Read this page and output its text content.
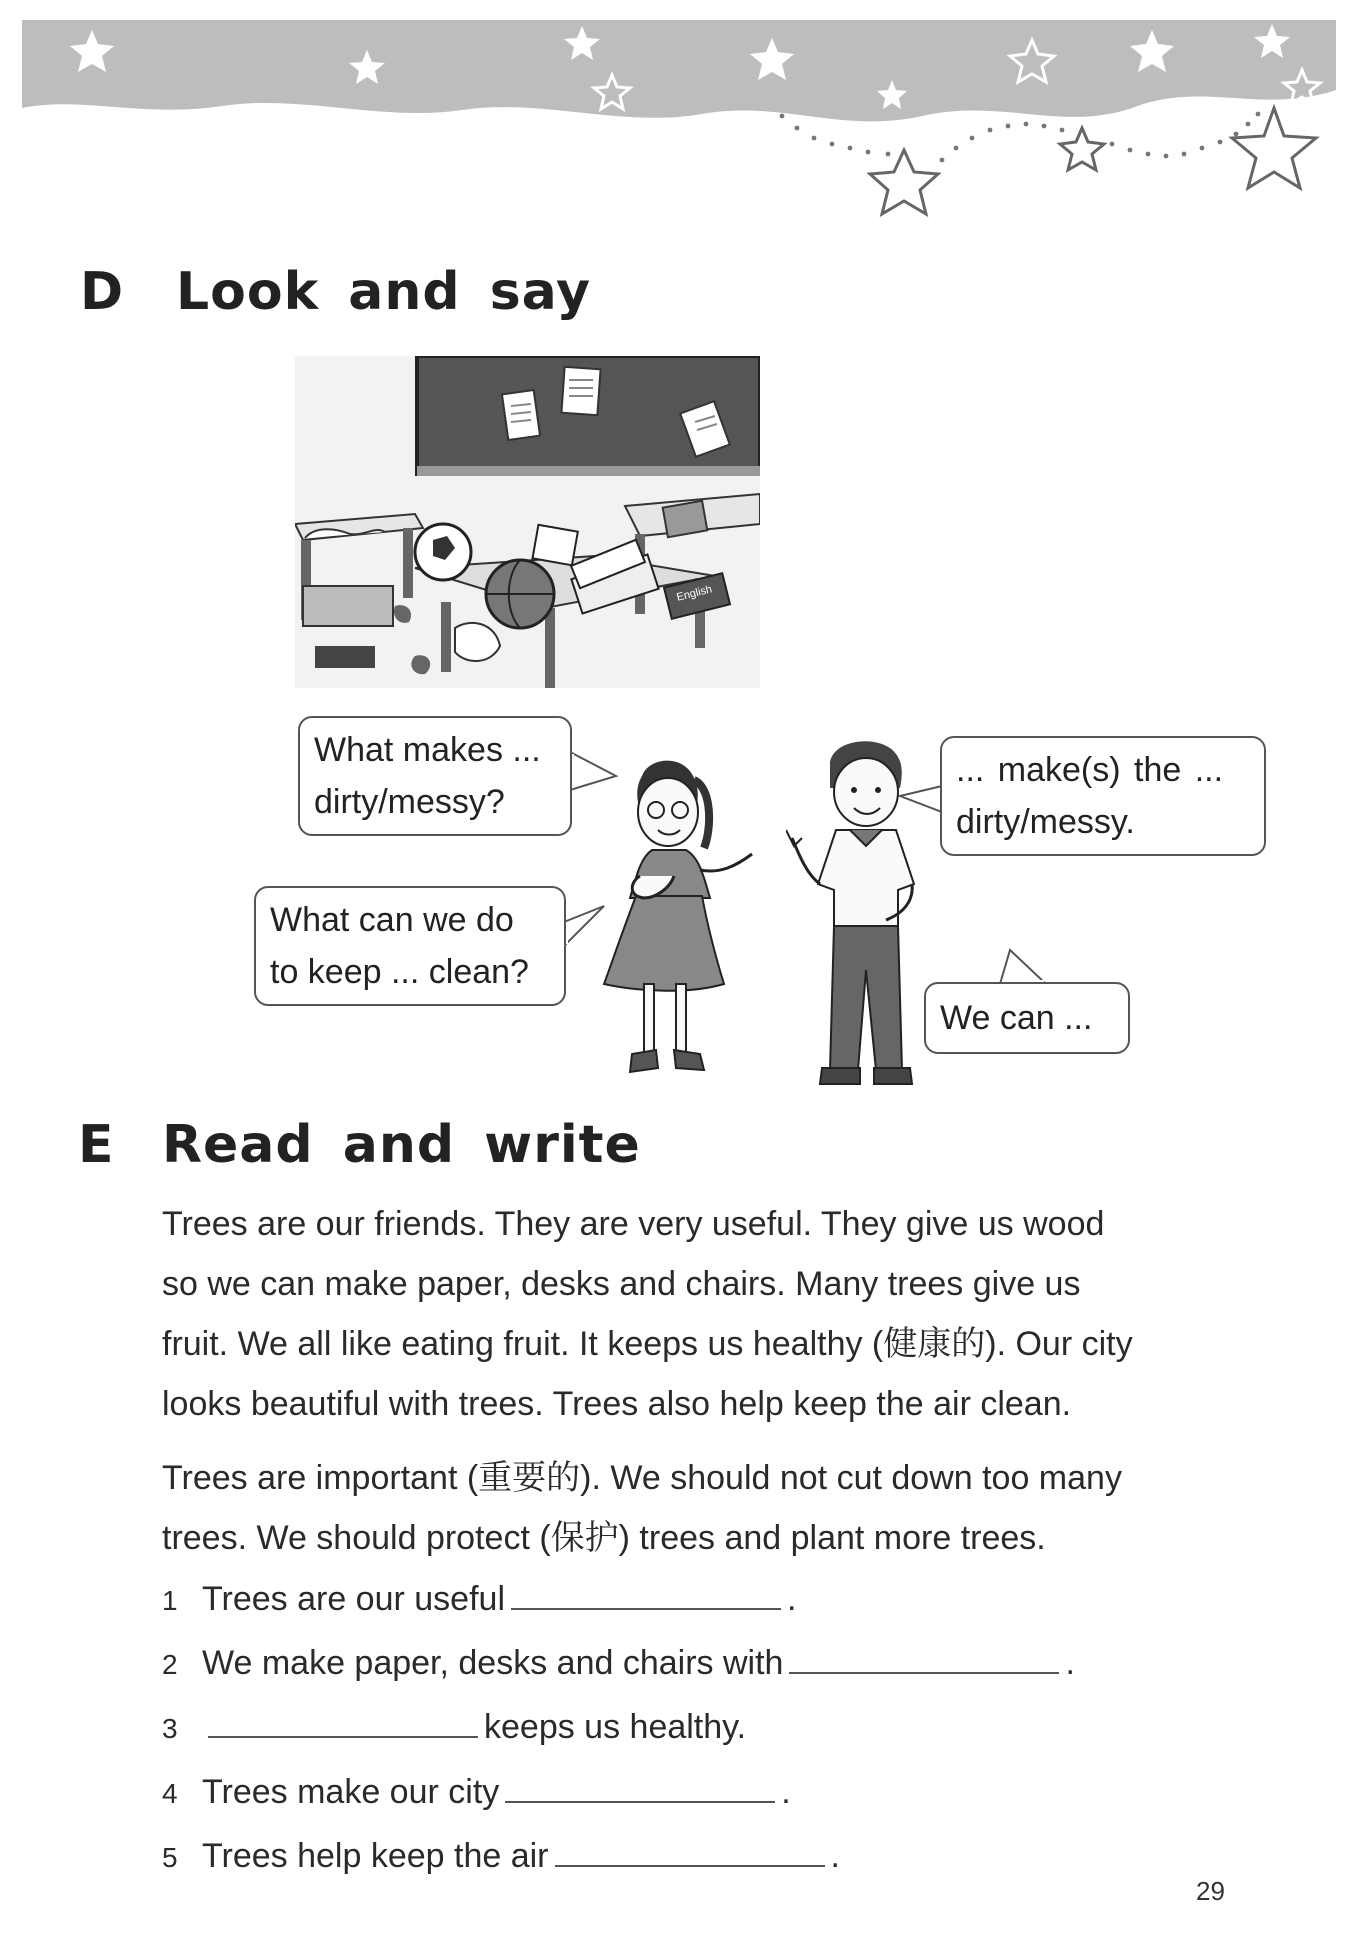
D Look and say
English
What makes ...
dirty/messy?
What can we do
to keep ... clean?
... make(s) the ...
dirty/messy.
We can ...
E Read and write
Trees are our friends. They are very useful. They give us wood
so we can make paper, desks and chairs. Many trees give us
fruit. We all like eating fruit. It keeps us healthy (健康的). Our city
looks beautiful with trees. Trees also help keep the air clean.
Trees are important (重要的). We should not cut down too many
trees. We should protect (保护) trees and plant more trees.
1 Trees are our useful	.
2 We make paper, desks and chairs with	.
3	keeps us healthy.
4 Trees make our city	.
5 Trees help keep the air	.
29
